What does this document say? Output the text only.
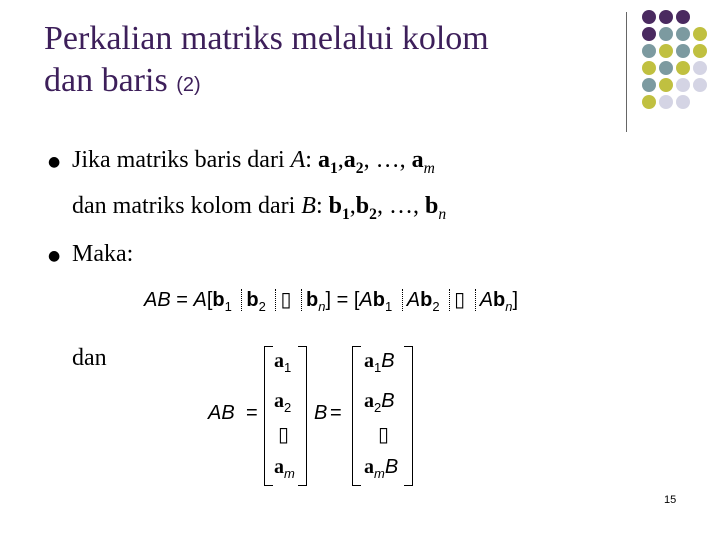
Perkalian matriks melalui kolom
dan baris (2)
● Jika matriks baris dari A: $a_1,a_2$, …, $a_m$
dan matriks kolom dari B: $b_1,b_2$, …, $b_n$
● Maka:
AB = $A[b_1$ $b_2$ ▯ $b_n] = [Ab_1$ $Ab_2$ ▯ $Ab_n$]
dan
AB =
$a_1$
$a_2$
▯
$a_m$
B =
$a_1B$
$a_2B$
▯
$a_mB$
15
